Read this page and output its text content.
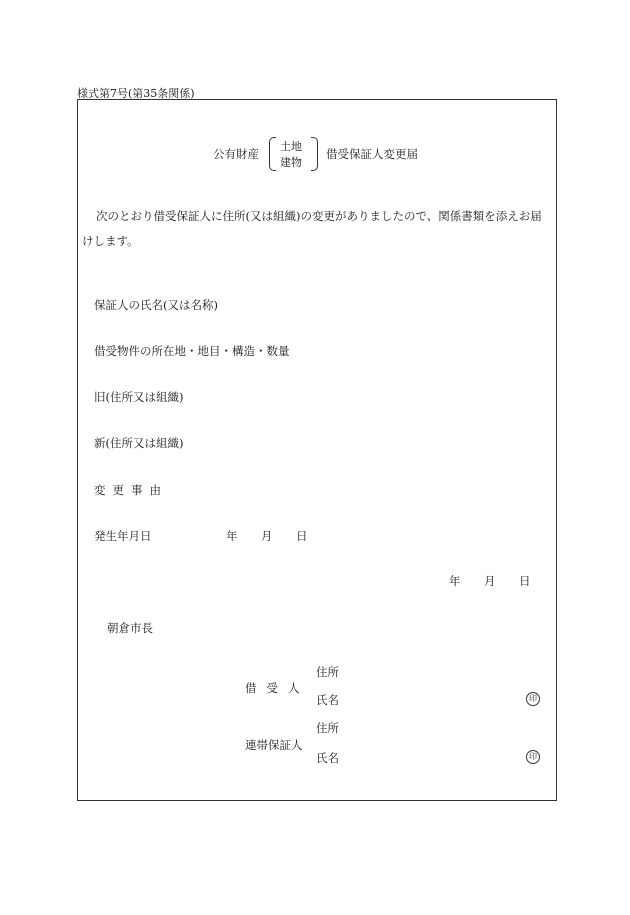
様式第7号(第35条関係)
公有財産
土地
建物
借受保証人変更届
次のとおり借受保証人に住所(又は組織)の変更がありましたので、関係書類を添えお届
けします。
保証人の氏名(又は名称)
借受物件の所在地・地目・構造・数量
旧(住所又は組織)
新(住所又は組織)
変更事由
発生年月日	年 月 日
年 月 日
朝倉市長
借受人
住所
氏名	印
連帯保証人
住所
氏名	印
